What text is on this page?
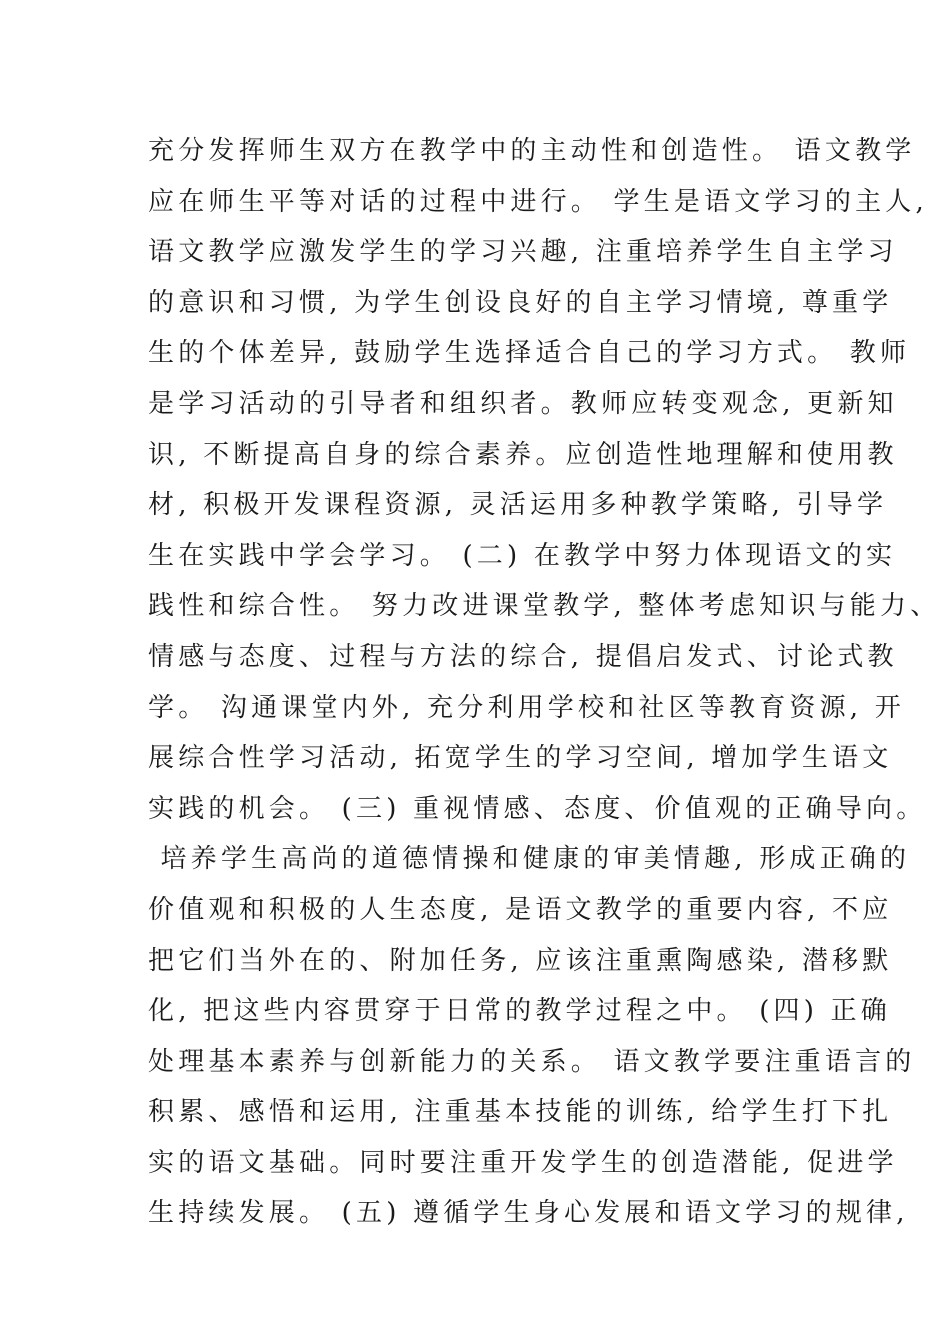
充分发挥师生双方在教学中的主动性和创造性。 语文教学
应在师生平等对话的过程中进行。 学生是语文学习的主人,
语文教学应激发学生的学习兴趣, 注重培养学生自主学习
的意识和习惯, 为学生创设良好的自主学习情境, 尊重学
生的个体差异, 鼓励学生选择适合自己的学习方式。 教师
是学习活动的引导者和组织者。教师应转变观念, 更新知
识, 不断提高自身的综合素养。应创造性地理解和使用教
材, 积极开发课程资源, 灵活运用多种教学策略, 引导学
生在实践中学会学习。 (二) 在教学中努力体现语文的实
践性和综合性。 努力改进课堂教学, 整体考虑知识与能力、
情感与态度、过程与方法的综合, 提倡启发式、讨论式教
学。 沟通课堂内外, 充分利用学校和社区等教育资源, 开
展综合性学习活动, 拓宽学生的学习空间, 增加学生语文
实践的机会。 (三) 重视情感、态度、价值观的正确导向。
培养学生高尚的道德情操和健康的审美情趣, 形成正确的
价值观和积极的人生态度, 是语文教学的重要内容, 不应
把它们当外在的、附加任务, 应该注重熏陶感染, 潜移默
化, 把这些内容贯穿于日常的教学过程之中。 (四) 正确
处理基本素养与创新能力的关系。 语文教学要注重语言的
积累、感悟和运用, 注重基本技能的训练, 给学生打下扎
实的语文基础。同时要注重开发学生的创造潜能, 促进学
生持续发展。 (五) 遵循学生身心发展和语文学习的规律,
